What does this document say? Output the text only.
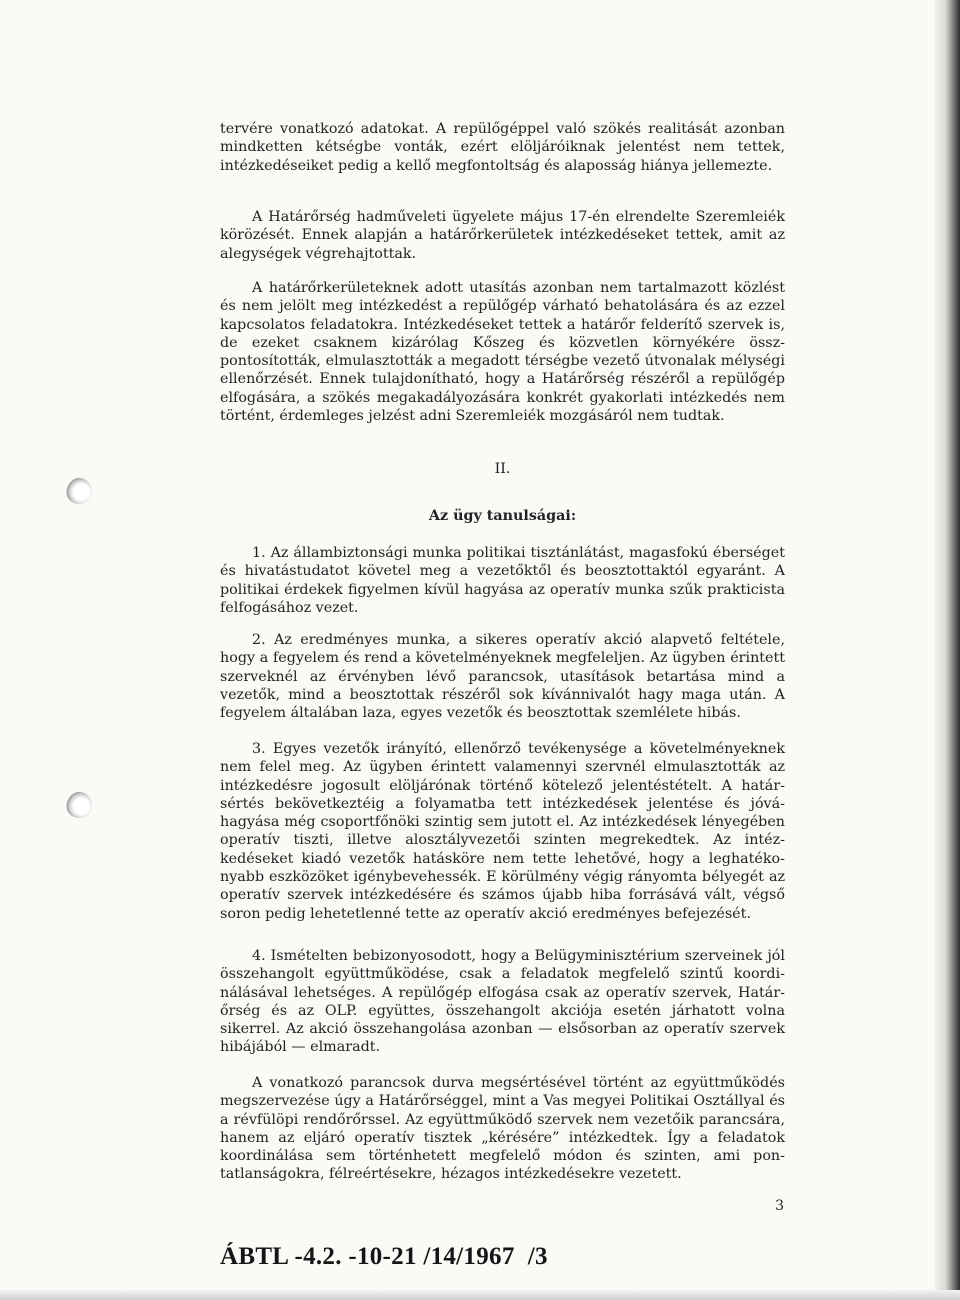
tervére vonatkozó adatokat. A repülőgéppel való szökés realitását azonban mindketten kétségbe vonták, ezért elöljáróiknak jelentést nem tettek, intézkedéseiket pedig a kellő megfontoltság és alaposság hiánya jellemezte.

A Határőrség hadműveleti ügyelete május 17-én elrendelte Szeremleiék körözését. Ennek alapján a határőrkerületek intézkedéseket tettek, amit az alegységek végrehajtottak.

A határőrkerületeknek adott utasítás azonban nem tartalmazott közlést és nem jelölt meg intézkedést a repülőgép várható behatolására és az ezzel kapcsolatos feladatokra. Intézkedéseket tettek a határőr felderítő szervek is, de ezeket csaknem kizárólag Kőszeg és közvetlen környékére összpontosították, elmulasztották a megadott térségbe vezető útvonalak mélységi ellenőrzését. Ennek tulajdonítható, hogy a Határőrség részéről a repülőgép elfogására, a szökés megakadályozására konkrét gyakorlati intézkedés nem történt, érdemleges jelzést adni Szeremleiék mozgásáról nem tudtak.

II.
Az ügy tanulságai:

1. Az állambiztonsági munka politikai tisztánlátást, magasfokú éberséget és hivatástudatot követel meg a vezetőktől és beosztottaktól egyaránt. A politikai érdekek figyelmen kívül hagyása az operatív munka szűk prakticista felfogásához vezet.

2. Az eredményes munka, a sikeres operatív akció alapvető feltétele, hogy a fegyelem és rend a követelményeknek megfeleljen. Az ügyben érintett szerveknél az érvényben lévő parancsok, utasítások betartása mind a vezetők, mind a beosztottak részéről sok kívánnivalót hagy maga után. A fegyelem általában laza, egyes vezetők és beosztottak szemlélete hibás.

3. Egyes vezetők irányító, ellenőrző tevékenysége a követelményeknek nem felel meg. Az ügyben érintett valamennyi szervnél elmulasztották az intézkedésre jogosult elöljárónak történő kötelező jelentéstételt. A határsértés bekövetkeztéig a folyamatba tett intézkedések jelentése és jóváhagyása még csoportfőnöki szintig sem jutott el. Az intézkedések lényegében operatív tiszti, illetve alosztályvezetői szinten megrekedtek. Az intézkedéseket kiadó vezetők hatásköre nem tette lehetővé, hogy a leghatékonyabb eszközöket igénybevehessék. E körülmény végig rányomta bélyegét az operatív szervek intézkedésére és számos újabb hiba forrásává vált, végső soron pedig lehetetlenné tette az operatív akció eredményes befejezését.

4. Ismételten bebizonyosodott, hogy a Belügyminisztérium szerveinek jól összehangolt együttműködése, csak a feladatok megfelelő szintű koordinálásával lehetséges. A repülőgép elfogása csak az operatív szervek, Határőrség és az OLP. együttes, összehangolt akciója esetén járhatott volna sikerrel. Az akció összehangolása azonban — elsősorban az operatív szervek hibájából — elmaradt.

A vonatkozó parancsok durva megsértésével történt az együttműködés megszervezése úgy a Határőrséggel, mint a Vas megyei Politikai Osztállyal és a révfülöpi rendőrőrssel. Az együttműködő szervek nem vezetőik parancsára, hanem az eljáró operatív tisztek „kérésére” intézkedtek. Így a feladatok koordinálása sem történhetett megfelelő módon és szinten, ami pontatlanságokra, félreértésekre, hézagos intézkedésekre vezetett.

3
ÁBTL -4.2. -10-21 /14/1967  /3
